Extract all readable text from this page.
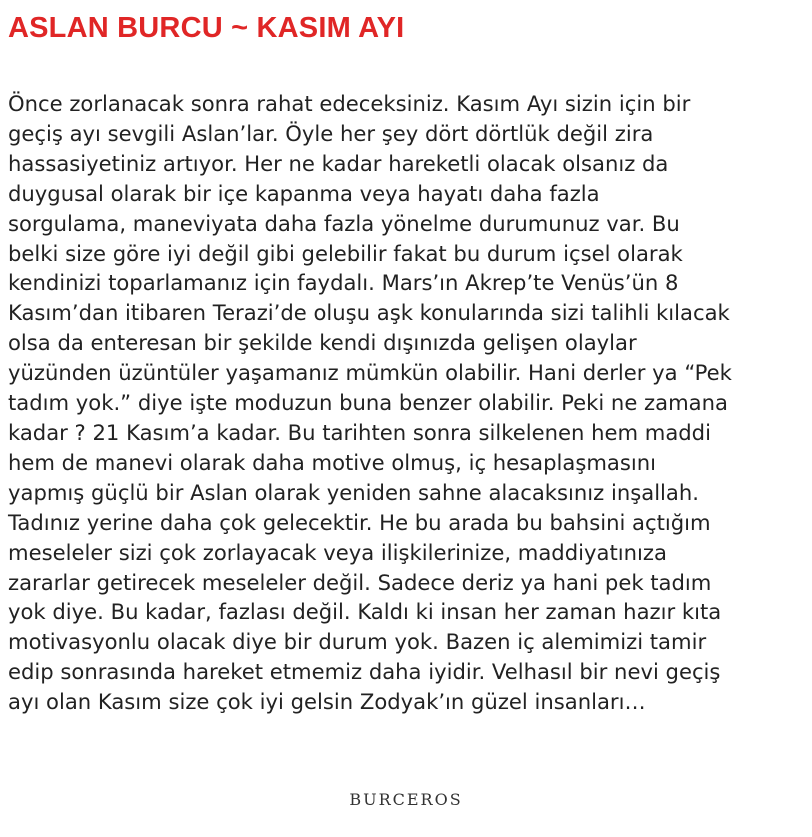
ASLAN BURCU ~ KASIM AYI
Önce zorlanacak sonra rahat edeceksiniz. Kasım Ayı sizin için bir
geçiş ayı sevgili Aslan’lar. Öyle her şey dört dörtlük değil zira
hassasiyetiniz artıyor. Her ne kadar hareketli olacak olsanız da
duygusal olarak bir içe kapanma veya hayatı daha fazla
sorgulama, maneviyata daha fazla yönelme durumunuz var. Bu
belki size göre iyi değil gibi gelebilir fakat bu durum içsel olarak
kendinizi toparlamanız için faydalı. Mars’ın Akrep’te Venüs’ün 8
Kasım’dan itibaren Terazi’de oluşu aşk konularında sizi talihli kılacak
olsa da enteresan bir şekilde kendi dışınızda gelişen olaylar
yüzünden üzüntüler yaşamanız mümkün olabilir. Hani derler ya “Pek
tadım yok.” diye işte moduzun buna benzer olabilir. Peki ne zamana
kadar ? 21 Kasım’a kadar. Bu tarihten sonra silkelenen hem maddi
hem de manevi olarak daha motive olmuş, iç hesaplaşmasını
yapmış güçlü bir Aslan olarak yeniden sahne alacaksınız inşallah.
Tadınız yerine daha çok gelecektir. He bu arada bu bahsini açtığım
meseleler sizi çok zorlayacak veya ilişkilerinize, maddiyatınıza
zararlar getirecek meseleler değil. Sadece deriz ya hani pek tadım
yok diye. Bu kadar, fazlası değil. Kaldı ki insan her zaman hazır kıta
motivasyonlu olacak diye bir durum yok. Bazen iç alemimizi tamir
edip sonrasında hareket etmemiz daha iyidir. Velhasıl bir nevi geçiş
ayı olan Kasım size çok iyi gelsin Zodyak’ın güzel insanları…
BURCEROS
